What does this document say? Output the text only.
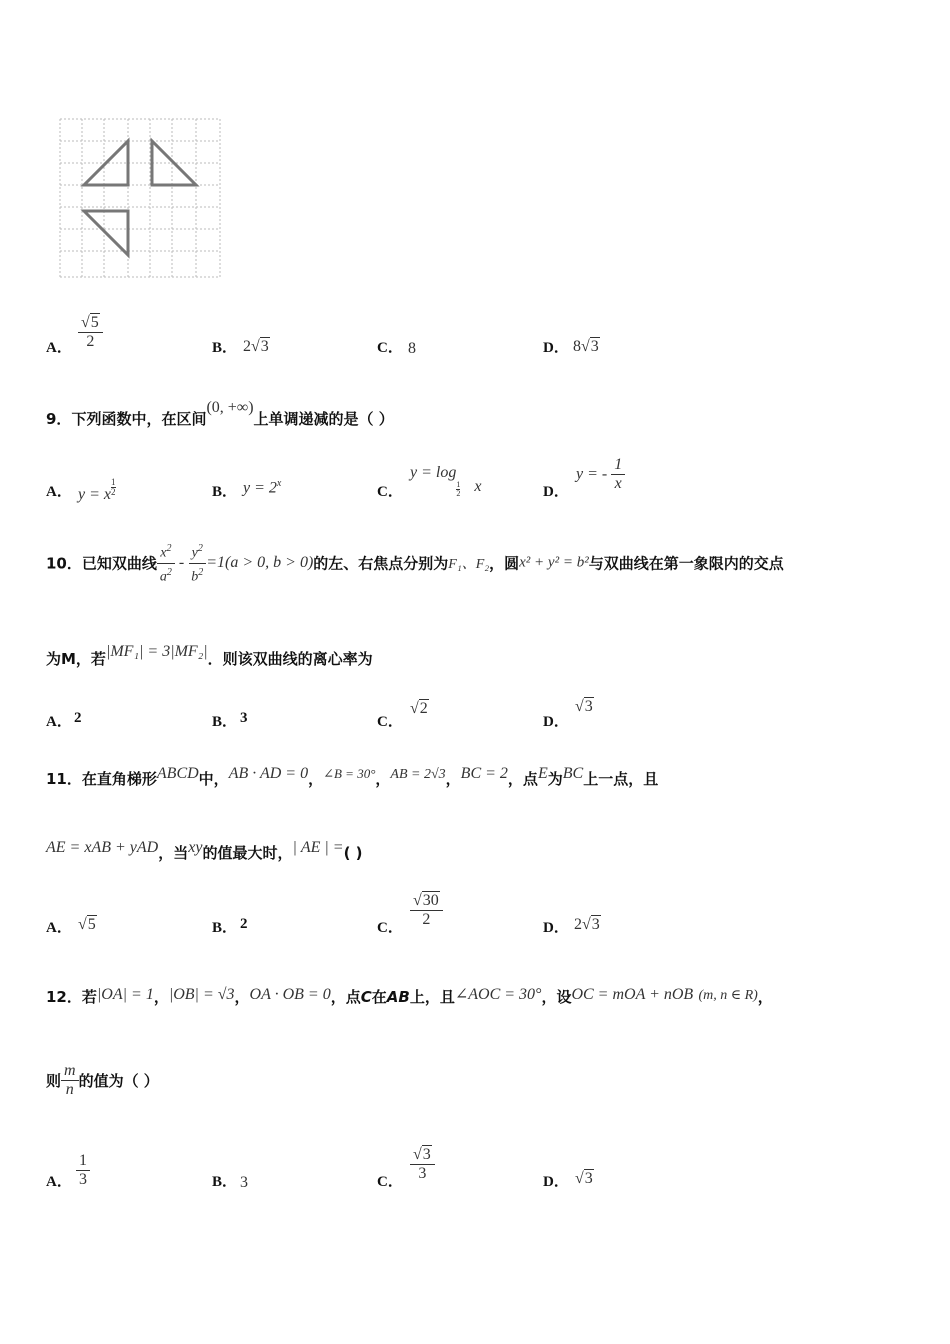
A． $\frac{√5}{2}$	B． 2√3	C． 8	D． 8√3
9．下列函数中，在区间(0, +∞)上单调递减的是（ ）
A． y = x $\frac{1}{2}$	B． $y = 2^x$
C．
y = log
$\frac{1}{2}$ x	D．
y = - $\frac{1}{x}$
10．已知双曲线 $\frac{x^2}{a^2} - \frac{y^2}{b^2} =1(a > 0$, b > 0)的左、右焦点分别为F₁、F₂，圆x² + y² = b²与双曲线在第一象限内的交点
为M，若|MF₁| = 3|MF₂|．则该双曲线的离心率为
A． 2	B． 3	C．
√2
D．
√3
11．在直角梯形ABCD中，AB · AD = 0，∠B = 30°，AB = 2√3，BC = 2，点E为BC上一点，且
AE = xAB + yAD，当xy的值最大时，| AE | =( )
A． √5	B． 2	C． $\frac{√30}{2}$	D． 2√3
12．若|OA| = 1，|OB| = √3，OA · OB = 0，点C在AB上，且∠AOC = 30°，设OC = mOA + nOB (m, n ∈ R)，
则 $\frac{m}{n}$ 的值为（ ）
A． $\frac{1}{3}$	B． 3	C． $\frac{√3}{3}$	D． √3
